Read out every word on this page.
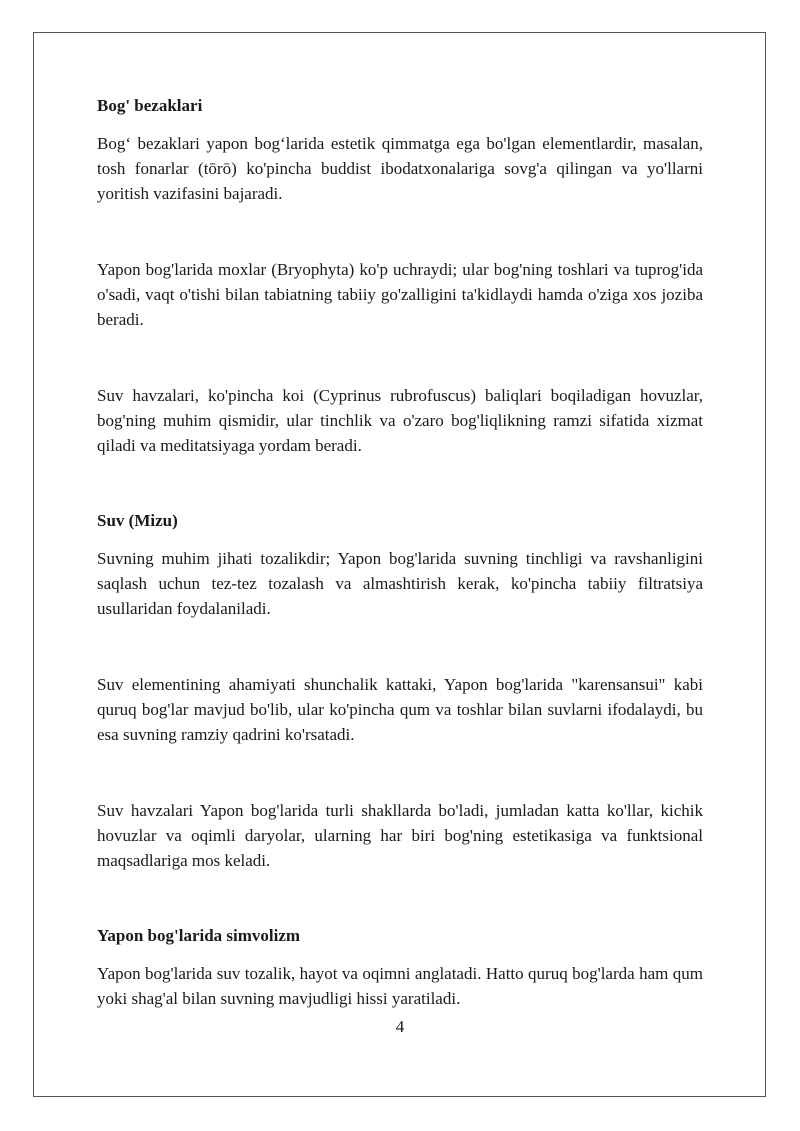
Bog' bezaklari

Bog‘ bezaklari yapon bog‘larida estetik qimmatga ega bo'lgan elementlardir, masalan, tosh fonarlar (tōrō) ko'pincha buddist ibodatxonalariga sovg'a qilingan va yo'llarni yoritish vazifasini bajaradi.

Yapon bog'larida moxlar (Bryophyta) ko'p uchraydi; ular bog'ning toshlari va tuprog'ida o'sadi, vaqt o'tishi bilan tabiatning tabiiy go'zalligini ta'kidlaydi hamda o'ziga xos joziba beradi.

Suv havzalari, ko'pincha koi (Cyprinus rubrofuscus) baliqlari boqiladigan hovuzlar, bog'ning muhim qismidir, ular tinchlik va o'zaro bog'liqlikning ramzi sifatida xizmat qiladi va meditatsiyaga yordam beradi.

Suv (Mizu)

Suvning muhim jihati tozalikdir; Yapon bog'larida suvning tinchligi va ravshanligini saqlash uchun tez-tez tozalash va almashtirish kerak, ko'pincha tabiiy filtratsiya usullaridan foydalaniladi.

Suv elementining ahamiyati shunchalik kattaki, Yapon bog'larida "karensansui" kabi quruq bog'lar mavjud bo'lib, ular ko'pincha qum va toshlar bilan suvlarni ifodalaydi, bu esa suvning ramziy qadrini ko'rsatadi.

Suv havzalari Yapon bog'larida turli shakllarda bo'ladi, jumladan katta ko'llar, kichik hovuzlar va oqimli daryolar, ularning har biri bog'ning estetikasiga va funktsional maqsadlariga mos keladi.

Yapon bog'larida simvolizm

Yapon bog'larida suv tozalik, hayot va oqimni anglatadi. Hatto quruq bog'larda ham qum yoki shag'al bilan suvning mavjudligi hissi yaratiladi.

4
